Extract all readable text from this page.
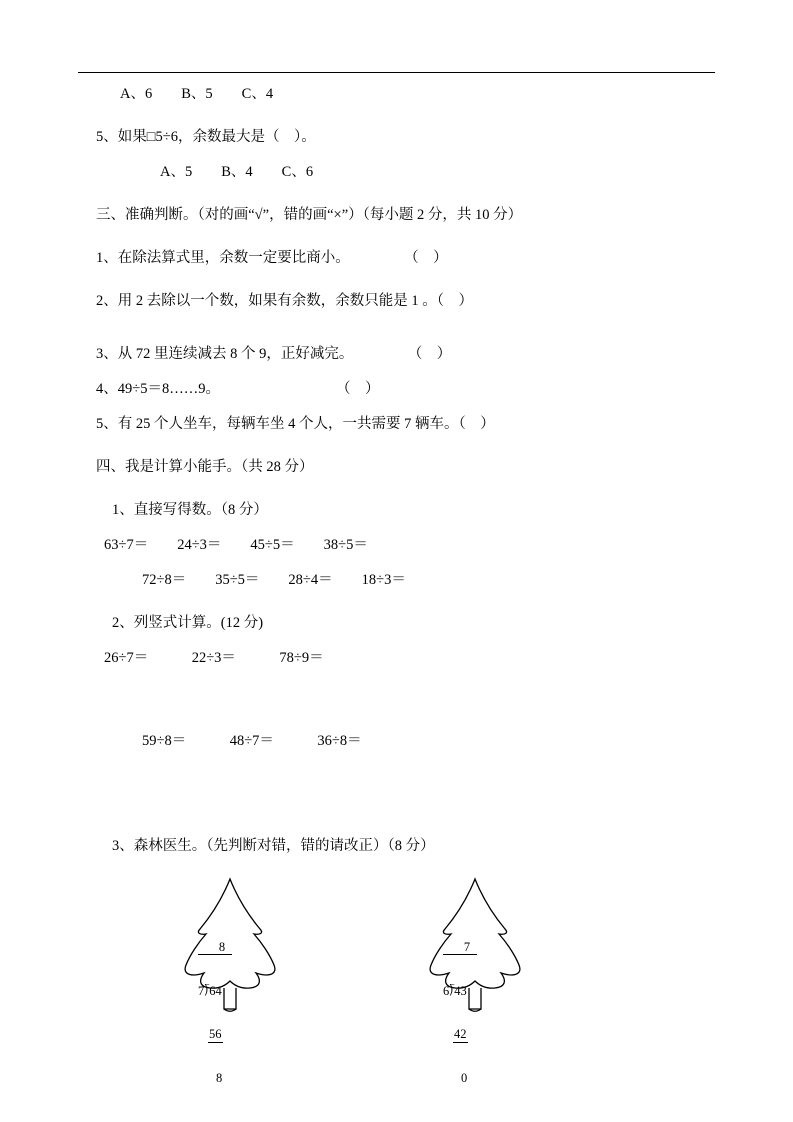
A、6        B、5        C、4
5、如果□5÷6，余数最大是（    ）。
A、5        B、4        C、6
三、准确判断。（对的画“√”，错的画“×”）（每小题 2 分，共 10 分）
1、在除法算式里，余数一定要比商小。               （    ）
2、用 2 去除以一个数，如果有余数，余数只能是 1 。（    ）
3、从 72 里连续减去 8 个 9，正好减完。               （    ）
4、49÷5＝8……9。                                （    ）
5、有 25 个人坐车，每辆车坐 4 个人，一共需要 7 辆车。（    ）
四、我是计算小能手。（共 28 分）
1、直接写得数。（8 分）
63÷7＝        24÷3＝        45÷5＝        38÷5＝
72÷8＝        35÷5＝        28÷4＝        18÷3＝
2、列竖式计算。(12 分)
26÷7＝            22÷3＝            78÷9＝
59÷8＝            48÷7＝            36÷8＝
3、森林医生。（先判断对错，错的请改正）（8 分）

8

7⟌64

56

8

7

6⟌43

42

0
